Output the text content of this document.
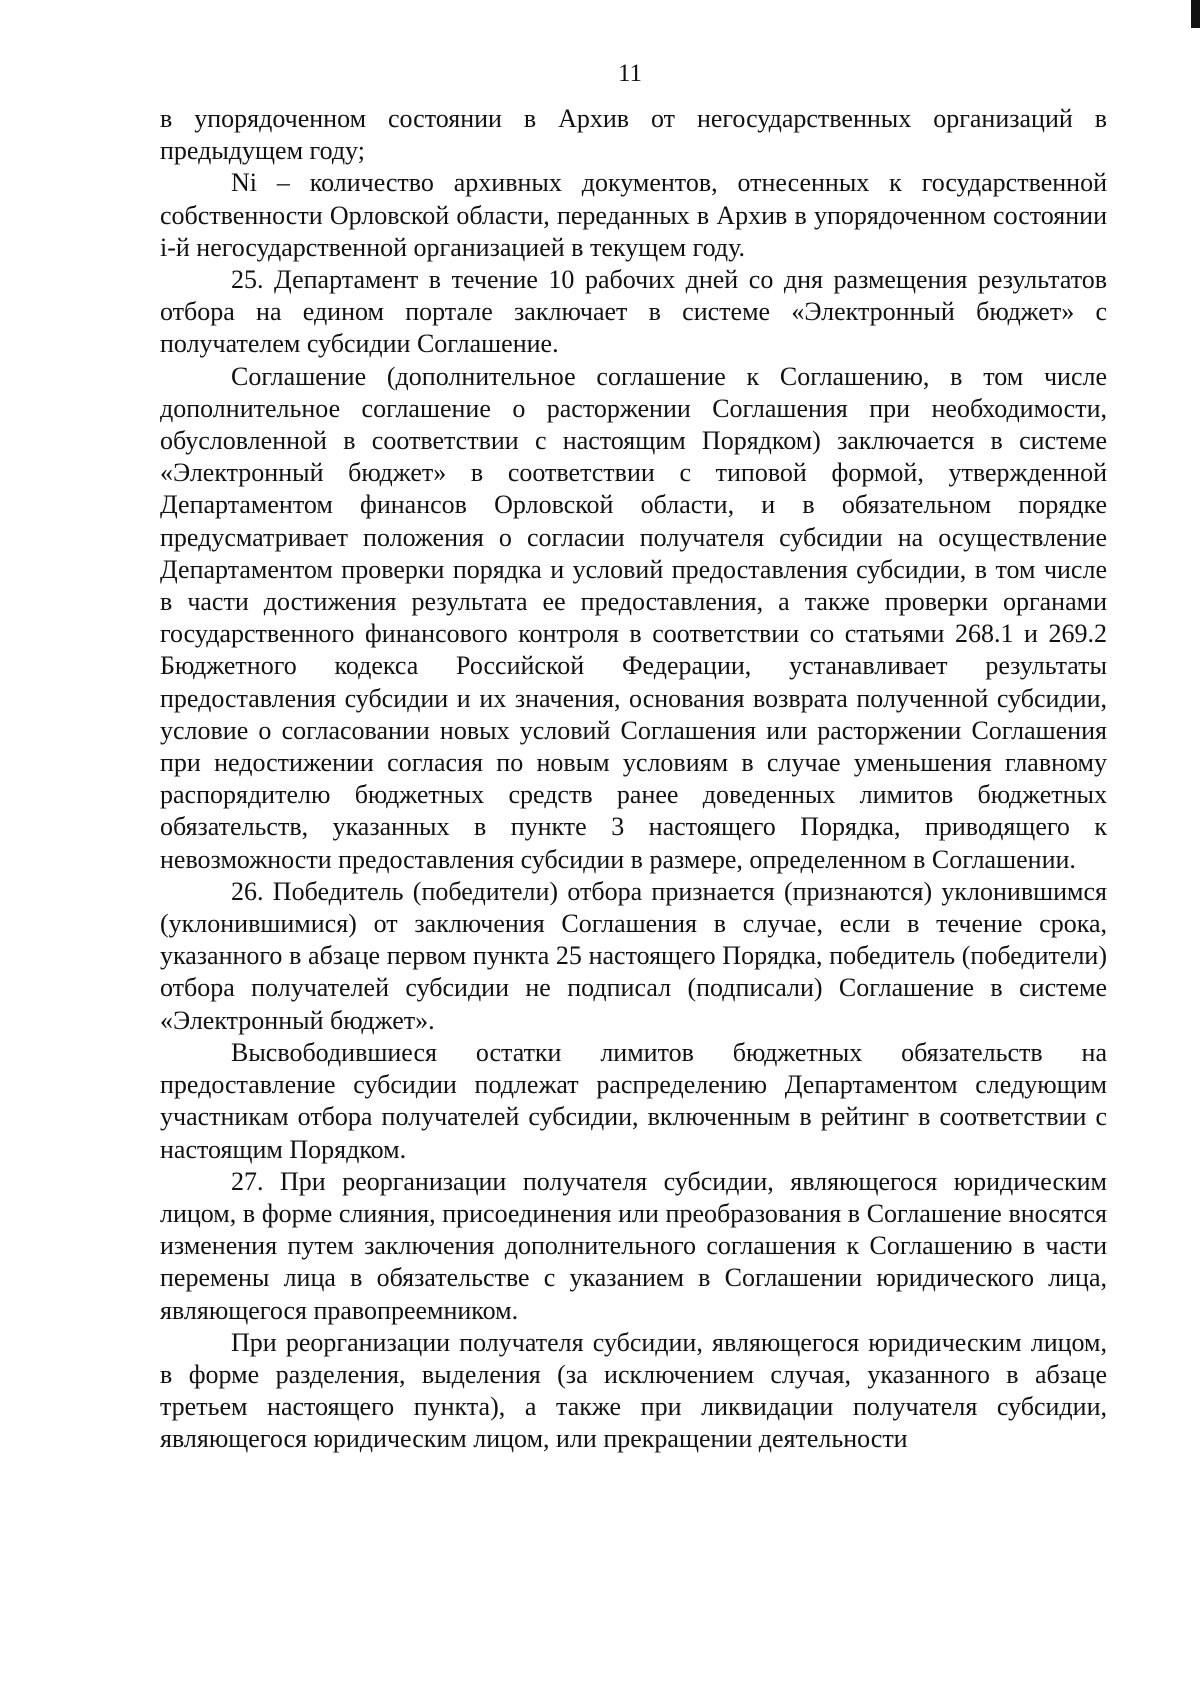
11

в упорядоченном состоянии в Архив от негосударственных организаций в предыдущем году;

Ni – количество архивных документов, отнесенных к государственной собственности Орловской области, переданных в Архив в упорядоченном состоянии i-й негосударственной организацией в текущем году.

25. Департамент в течение 10 рабочих дней со дня размещения результатов отбора на едином портале заключает в системе «Электронный бюджет» с получателем субсидии Соглашение.

Соглашение (дополнительное соглашение к Соглашению, в том числе дополнительное соглашение о расторжении Соглашения при необходимости, обусловленной в соответствии с настоящим Порядком) заключается в системе «Электронный бюджет» в соответствии с типовой формой, утвержденной Департаментом финансов Орловской области, и в обязательном порядке предусматривает положения о согласии получателя субсидии на осуществление Департаментом проверки порядка и условий предоставления субсидии, в том числе в части достижения результата ее предоставления, а также проверки органами государственного финансового контроля в соответствии со статьями 268.1 и 269.2 Бюджетного кодекса Российской Федерации, устанавливает результаты предоставления субсидии и их значения, основания возврата полученной субсидии, условие о согласовании новых условий Соглашения или расторжении Соглашения при недостижении согласия по новым условиям в случае уменьшения главному распорядителю бюджетных средств ранее доведенных лимитов бюджетных обязательств, указанных в пункте 3 настоящего Порядка, приводящего к невозможности предоставления субсидии в размере, определенном в Соглашении.

26. Победитель (победители) отбора признается (признаются) уклонившимся (уклонившимися) от заключения Соглашения в случае, если в течение срока, указанного в абзаце первом пункта 25 настоящего Порядка, победитель (победители) отбора получателей субсидии не подписал (подписали) Соглашение в системе «Электронный бюджет».

Высвободившиеся остатки лимитов бюджетных обязательств на предоставление субсидии подлежат распределению Департаментом следующим участникам отбора получателей субсидии, включенным в рейтинг в соответствии с настоящим Порядком.

27. При реорганизации получателя субсидии, являющегося юридическим лицом, в форме слияния, присоединения или преобразования в Соглашение вносятся изменения путем заключения дополнительного соглашения к Соглашению в части перемены лица в обязательстве с указанием в Соглашении юридического лица, являющегося правопреемником.

При реорганизации получателя субсидии, являющегося юридическим лицом, в форме разделения, выделения (за исключением случая, указанного в абзаце третьем настоящего пункта), а также при ликвидации получателя субсидии, являющегося юридическим лицом, или прекращении деятельности
